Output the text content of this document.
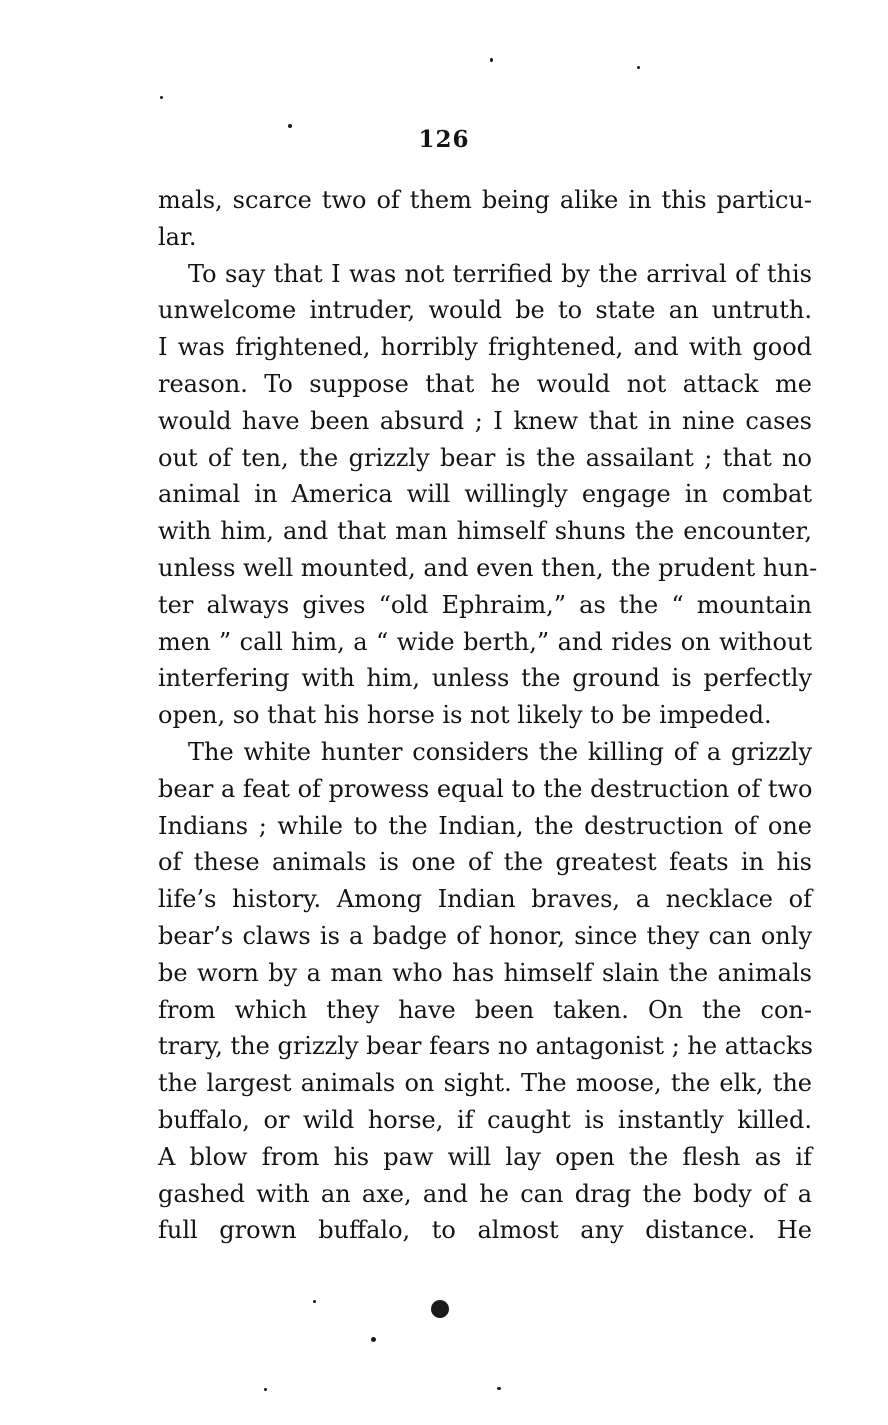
126
mals, scarce two of them being alike in this particu-
lar.
To say that I was not terrified by the arrival of this
unwelcome intruder, would be to state an untruth.
I was frightened, horribly frightened, and with good
reason. To suppose that he would not attack me
would have been absurd ; I knew that in nine cases
out of ten, the grizzly bear is the assailant ; that no
animal in America will willingly engage in combat
with him, and that man himself shuns the encounter,
unless well mounted, and even then, the prudent hun-
ter always gives “old Ephraim,” as the “ mountain
men ” call him, a “ wide berth,” and rides on without
interfering with him, unless the ground is perfectly
open, so that his horse is not likely to be impeded.
The white hunter considers the killing of a grizzly
bear a feat of prowess equal to the destruction of two
Indians ; while to the Indian, the destruction of one
of these animals is one of the greatest feats in his
life’s history. Among Indian braves, a necklace of
bear’s claws is a badge of honor, since they can only
be worn by a man who has himself slain the animals
from which they have been taken. On the con-
trary, the grizzly bear fears no antagonist ; he attacks
the largest animals on sight. The moose, the elk, the
buffalo, or wild horse, if caught is instantly killed.
A blow from his paw will lay open the flesh as if
gashed with an axe, and he can drag the body of a
full grown buffalo, to almost any distance. He
